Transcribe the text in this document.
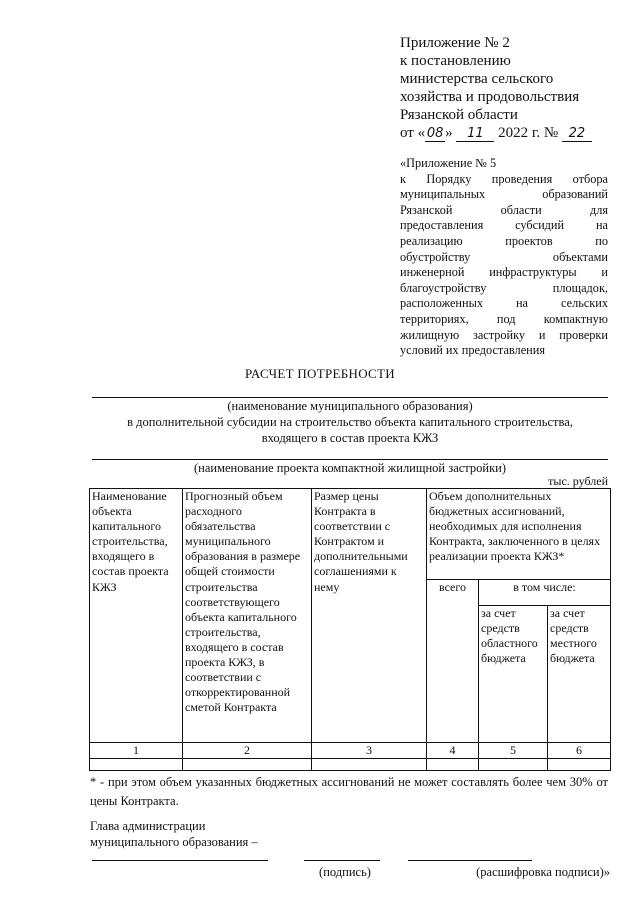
Приложение № 2
к постановлению
министерства сельского
хозяйства и продовольствия
Рязанской области
от « 08 » 11 2022 г. № 22
«Приложение № 5
к Порядку проведения отбора
муниципальных образований
Рязанской области для
предоставления субсидий на
реализацию проектов по
обустройству объектами
инженерной инфраструктуры и
благоустройству площадок,
расположенных на сельских
территориях, под компактную
жилищную застройку и проверки
условий их предоставления
РАСЧЕТ ПОТРЕБНОСТИ
(наименование муниципального образования)
в дополнительной субсидии на строительство объекта капитального строительства,
входящего в состав проекта КЖЗ
(наименование проекта компактной жилищной застройки)
тыс. рублей
Наименование объекта капитального строительства, входящего в состав проекта КЖЗ	Прогнозный объем расходного обязательства муниципального образования в размере общей стоимости строительства соответствующего объекта капитального строительства, входящего в состав проекта КЖЗ, в соответствии с откорректированной сметой Контракта	Размер цены Контракта в соответствии с Контрактом и дополнительными соглашениями к нему	Объем дополнительных бюджетных ассигнований, необходимых для исполнения Контракта, заключенного в целях реализации проекта КЖЗ*		
			всего	в том числе:	
				за счет средств областного бюджета	за счет средств местного бюджета
1	2	3	4	5	6

* - при этом объем указанных бюджетных ассигнований не может составлять более чем 30% от цены Контракта.
Глава администрации
муниципального образования –
(подпись)	(расшифровка подписи)»
